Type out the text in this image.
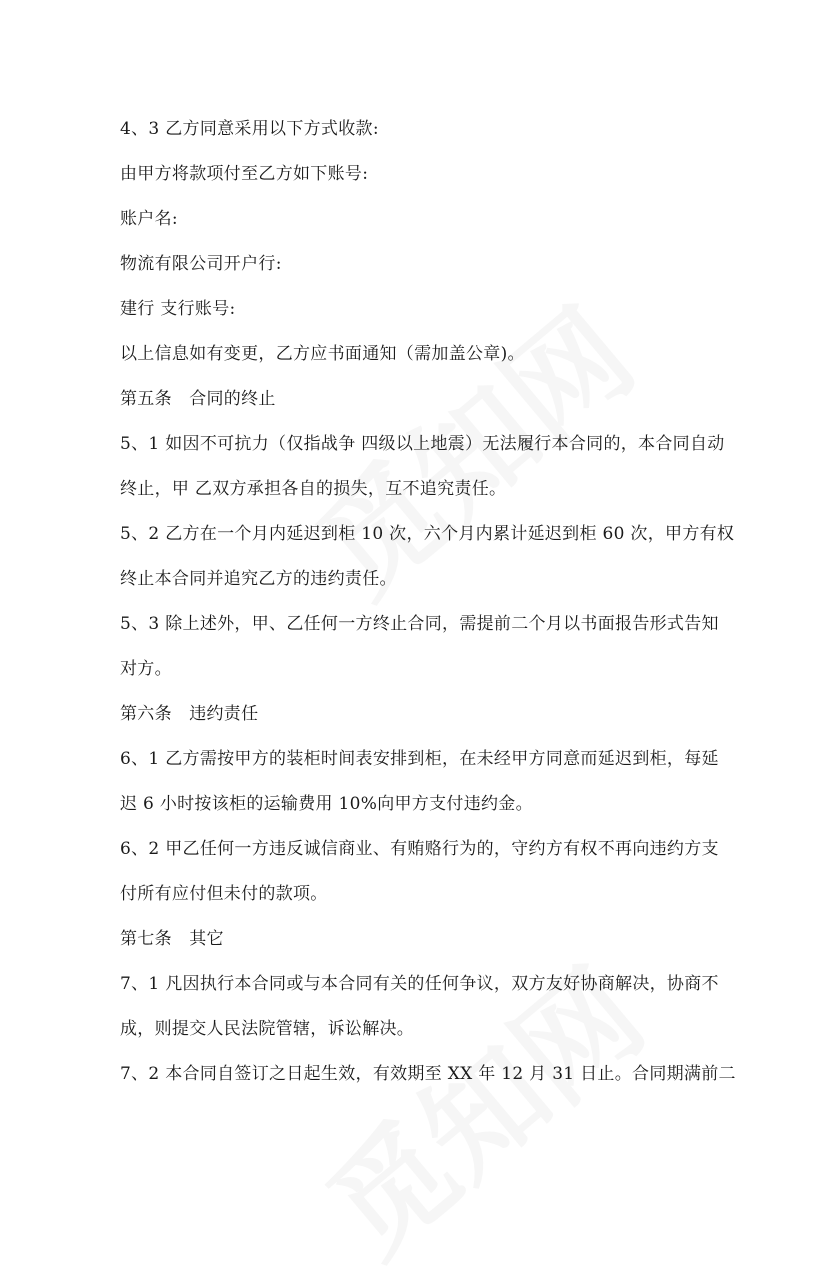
4、3 乙方同意采用以下方式收款:
由甲方将款项付至乙方如下账号:
账户名:
物流有限公司开户行:
建行 支行账号:
以上信息如有变更，乙方应书面通知（需加盖公章)。
第五条　合同的终止
5、1 如因不可抗力（仅指战争 四级以上地震）无法履行本合同的，本合同自动
终止，甲 乙双方承担各自的损失，互不追究责任。
5、2 乙方在一个月内延迟到柜 10 次，六个月内累计延迟到柜 60 次，甲方有权
终止本合同并追究乙方的违约责任。
5、3 除上述外，甲、乙任何一方终止合同，需提前二个月以书面报告形式告知
对方。
第六条　违约责任
6、1 乙方需按甲方的装柜时间表安排到柜，在未经甲方同意而延迟到柜，每延
迟 6 小时按该柜的运输费用 10%向甲方支付违约金。
6、2 甲乙任何一方违反诚信商业、有贿赂行为的，守约方有权不再向违约方支
付所有应付但未付的款项。
第七条　其它
7、1 凡因执行本合同或与本合同有关的任何争议，双方友好协商解决，协商不
成，则提交人民法院管辖，诉讼解决。
7、2 本合同自签订之日起生效，有效期至 XX 年 12 月 31 日止。合同期满前二
